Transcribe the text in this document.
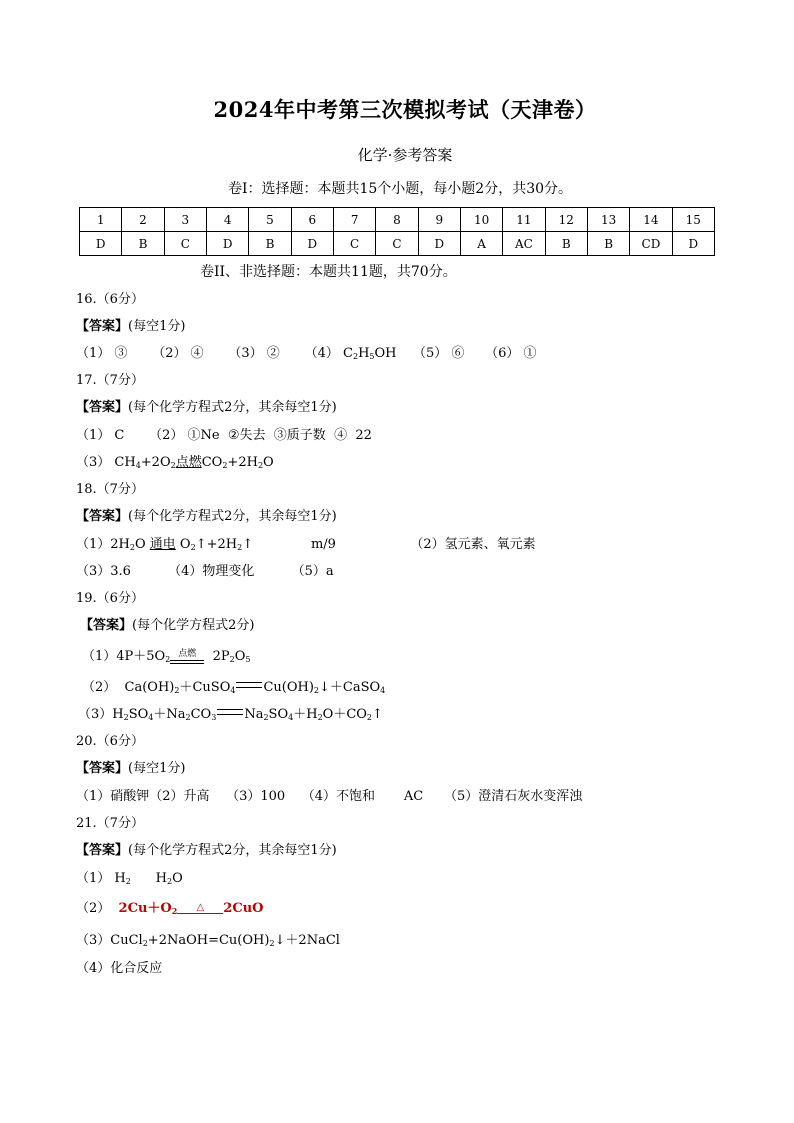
2024年中考第三次模拟考试（天津卷）
化学·参考答案
卷I：选择题：本题共15个小题，每小题2分，共30分。
1	2	3	4	5	6	7	8	9	10	11	12	13	14	15
D	B	C	D	B	D	C	C	D	A	AC	B	B	CD	D
卷II、非选择题：本题共11题，共70分。
16.（6分）
【答案】(每空1分)
（1） ③ （2） ④ （3） ② （4） $C_2H_5OH$ （5） ⑥ （6） ①
17.（7分）
【答案】(每个化学方程式2分，其余每空1分)
（1） C （2） ①Ne  ②失去  ③质子数  ④  22
（3） $CH_4+2O_2$点燃$CO_2+2H_2O$
18.（7分）
【答案】(每个化学方程式2分，其余每空1分)
$(1)2H_2O$ 通电 $O_2↑+2H_2↑$	m/9	（2）氢元素、氧元素
（3）3.6	（4）物理变化	（5）a
19.（6分）
【答案】(每个化学方程式2分)
$(1)4P+5O_2$点燃 $2P_2O_5$
（2）  $Ca(OH)_2+CuSO_4$ $Cu(OH)_2↓+CaSO_4$
$(3)H_2SO_4+Na_2CO_3$ $Na_2SO_4+H_2O+CO_2↑$
20.（6分）
【答案】(每空1分)
（1）硝酸钾（2）升高 （3）100 （4）不饱和 AC （5）澄清石灰水变浑浊
21.（7分）
【答案】(每个化学方程式2分，其余每空1分)
（1） $H_2$ $H_2O$
（2） $2Cu+O_2$ △ 2CuO
$(3)CuCl_2+2NaOH=Cu(OH)_2↓+2NaCl$
（4）化合反应
